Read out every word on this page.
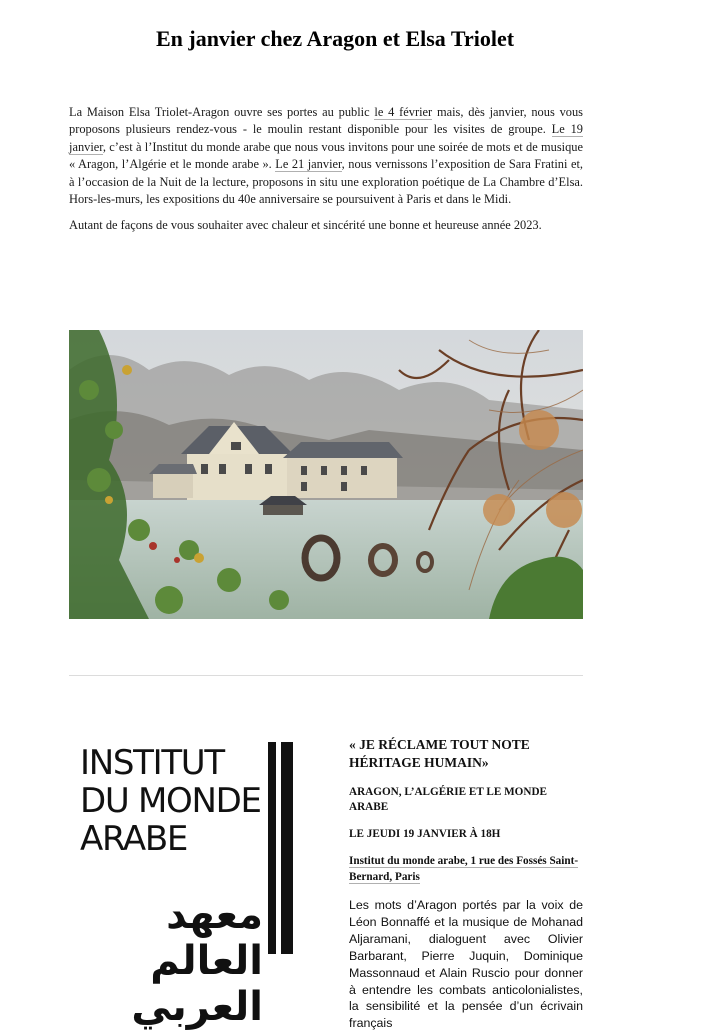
En janvier chez Aragon et Elsa Triolet

La Maison Elsa Triolet-Aragon ouvre ses portes au public le 4 février mais, dès janvier, nous vous proposons plusieurs rendez-vous - le moulin restant disponible pour les visites de groupe. Le 19 janvier, c’est à l’Institut du monde arabe que nous vous invitons pour une soirée de mots et de musique « Aragon, l’Algérie et le monde arabe ». Le 21 janvier, nous vernissons l’exposition de Sara Fratini et, à l’occasion de la Nuit de la lecture, proposons in situ une exploration poétique de La Chambre d’Elsa. Hors-les-murs, les expositions du 40e anniversaire se poursuivent à Paris et dans le Midi.

Autant de façons de vous souhaiter avec chaleur et sincérité une bonne et heureuse année 2023.

INSTITUT
DU MONDE
ARABE
معهد العالم العربي
« JE RÉCLAME TOUT NOTE HÉRITAGE HUMAIN»
ARAGON, L’ALGÉRIE ET LE MONDE ARABE
LE JEUDI 19 JANVIER À 18H
Institut du monde arabe, 1 rue des Fossés Saint-Bernard, Paris

Les mots d’Aragon portés par la voix de Léon Bonnaffé et la musique de Mohanad Aljaramani, dialoguent avec Olivier Barbarant, Pierre Juquin, Dominique Massonnaud et Alain Ruscio pour donner à entendre les combats anticolonialistes, la sensibilité et la pensée d’un écrivain français
